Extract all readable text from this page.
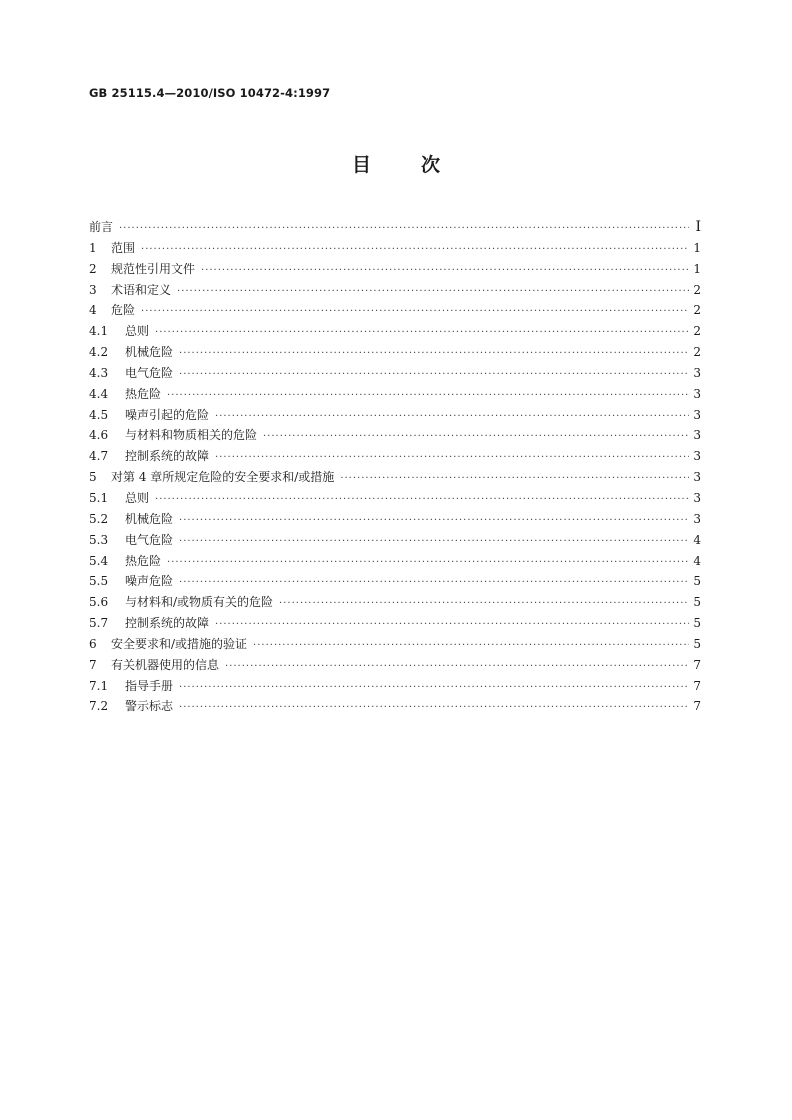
GB 25115.4—2010/ISO 10472-4:1997
目	次
前言 ·····	I
1	范围 ·····	1
2	规范性引用文件 ·····	1
3	术语和定义 ·····	2
4	危险 ·····	2
4.1	总则 ·····	2
4.2	机械危险 ·····	2
4.3	电气危险 ·····	3
4.4	热危险 ·····	3
4.5	噪声引起的危险 ·····	3
4.6	与材料和物质相关的危险 ·····	3
4.7	控制系统的故障 ·····	3
5	对第 4 章所规定危险的安全要求和/或措施 ·····	3
5.1	总则 ·····	3
5.2	机械危险 ·····	3
5.3	电气危险 ·····	4
5.4	热危险 ·····	4
5.5	噪声危险 ·····	5
5.6	与材料和/或物质有关的危险 ·····	5
5.7	控制系统的故障 ·····	5
6	安全要求和/或措施的验证 ·····	5
7	有关机器使用的信息 ·····	7
7.1	指导手册 ·····	7
7.2	警示标志 ·····	7
